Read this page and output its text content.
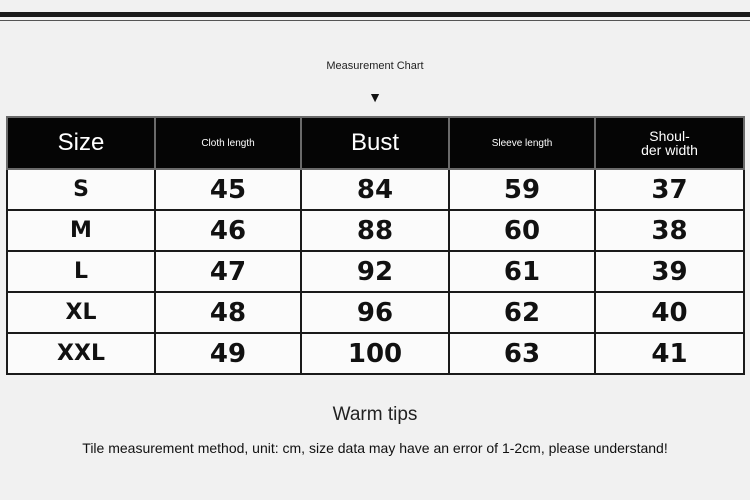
Measurement Chart
▼
Size	Cloth length	Bust	Sleeve length	Shoul-
der width
S	45	84	59	37
M	46	88	60	38
L	47	92	61	39
XL	48	96	62	40
XXL	49	100	63	41
Warm tips
Tile measurement method, unit: cm, size data may have an error of 1-2cm, please understand!
